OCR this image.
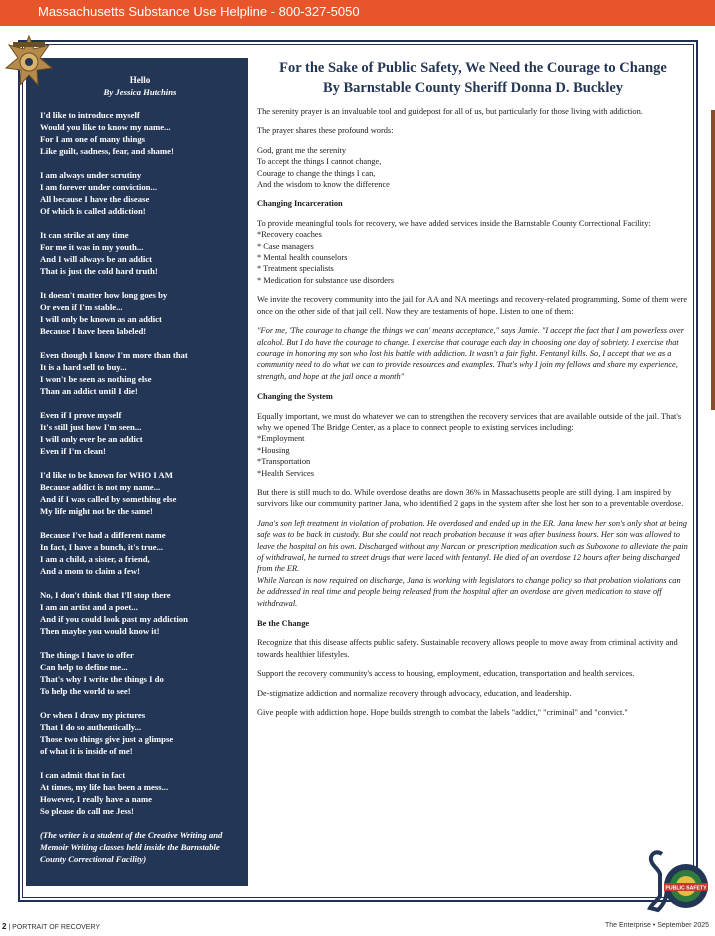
Massachusetts Substance Use Helpline - 800-327-5050
Hello
By Jessica Hutchins
I'd like to introduce myself
Would you like to know my name...
For I am one of many things
Like guilt, sadness, fear, and shame!
I am always under scrutiny
I am forever under conviction...
All because I have the disease
Of which is called addiction!
It can strike at any time
For me it was in my youth...
And I will always be an addict
That is just the cold hard truth!
It doesn't matter how long goes by
Or even if I'm stable...
I will only be known as an addict
Because I have been labeled!
Even though I know I'm more than that
It is a hard sell to buy...
I won't be seen as nothing else
Than an addict until I die!
Even if I prove myself
It's still just how I'm seen...
I will only ever be an addict
Even if I'm clean!
I'd like to be known for WHO I AM
Because addict is not my name...
And if I was called by something else
My life might not be the same!
Because I've had a different name
In fact, I have a bunch, it's true...
I am a child, a sister, a friend,
And a mom to claim a few!
No, I don't think that I'll stop there
I am an artist and a poet...
And if you could look past my addiction
Then maybe you would know it!
The things I have to offer
Can help to define me...
That's why I write the things I do
To help the world to see!
Or when I draw my pictures
That I do so authentically...
Those two things give just a glimpse
of what it is inside of me!
I can admit that in fact
At times, my life has been a mess...
However, I really have a name
So please do call me Jess!
(The writer is a student of the Creative Writing and Memoir Writing classes held inside the Barnstable County Correctional Facility)
For the Sake of Public Safety, We Need the Courage to Change
By Barnstable County Sheriff Donna D. Buckley

The serenity prayer is an invaluable tool and guidepost for all of us, but particularly for those living with addiction.

The prayer shares these profound words:

God, grant me the serenity
To accept the things I cannot change,
Courage to change the things I can,
And the wisdom to know the difference

Changing Incarceration

To provide meaningful tools for recovery, we have added services inside the Barnstable County Correctional Facility:
*Recovery coaches
* Case managers
* Mental health counselors
* Treatment specialists
* Medication for substance use disorders

We invite the recovery community into the jail for AA and NA meetings and recovery-related programming. Some of them were once on the other side of that jail cell. Now they are testaments of hope. Listen to one of them:

"For me, 'The courage to change the things we can' means acceptance," says Jamie. "I accept the fact that I am powerless over alcohol. But I do have the courage to change. I exercise that courage each day in choosing one day of sobriety. I exercise that courage in honoring my son who lost his battle with addiction. It wasn't a fair fight. Fentanyl kills. So, I accept that we as a community need to do what we can to provide resources and examples. That's why I join my fellows and share my experience, strength, and hope at the jail once a month"

Changing the System

Equally important, we must do whatever we can to strengthen the recovery services that are available outside of the jail. That's why we opened The Bridge Center, as a place to connect people to existing services including:
*Employment
*Housing
*Transportation
*Health Services

But there is still much to do. While overdose deaths are down 36% in Massachusetts people are still dying. I am inspired by survivors like our community partner Jana, who identified 2 gaps in the system after she lost her son to a preventable overdose.

Jana's son left treatment in violation of probation. He overdosed and ended up in the ER. Jana knew her son's only shot at being safe was to be back in custody. But she could not reach probation because it was after business hours. Her son was allowed to leave the hospital on his own. Discharged without any Narcan or prescription medication such as Suboxone to alleviate the pain of withdrawal, he turned to street drugs that were laced with fentanyl. He died of an overdose 12 hours after being discharged from the ER.
While Narcan is now required on discharge, Jana is working with legislators to change policy so that probation violations can be addressed in real time and people being released from the hospital after an overdose are given medication to stave off withdrawal.

Be the Change

Recognize that this disease affects public safety. Sustainable recovery allows people to move away from criminal activity and towards healthier lifestyles.

Support the recovery community's access to housing, employment, education, transportation and health services.

De-stigmatize addiction and normalize recovery through advocacy, education, and leadership.

Give people with addiction hope. Hope builds strength to combat the labels "addict," "criminal" and "convict."

PUBLIC SAFETY
2 | PORTRAIT OF RECOVERY	The Enterprise • September 2025
